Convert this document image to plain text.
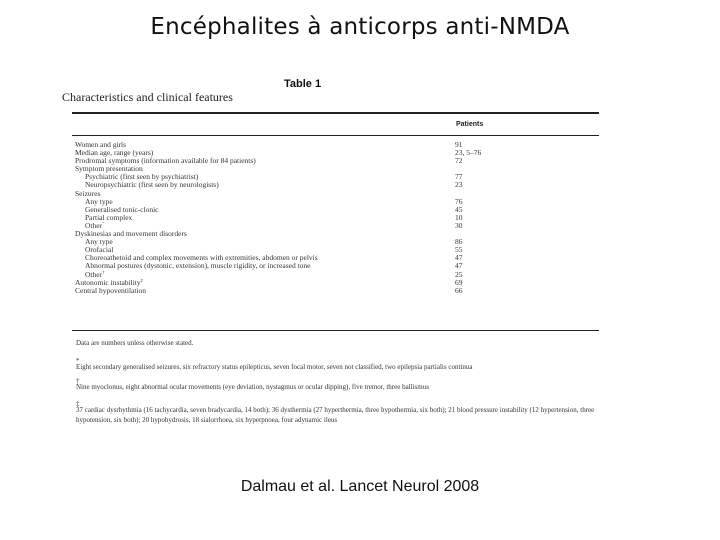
Encéphalites à anticorps anti-NMDA
Table 1
Characteristics and clinical features
Patients
Women and girls	91
Median age, range (years)	23, 5–76
Prodromal symptoms (information available for 84 patients)	72
Symptom presentation
Psychiatric (first seen by psychiatrist)	77
Neuropsychiatric (first seen by neurologists)	23
Seizures
Any type	76
Generalised tonic-clonic	45
Partial complex	10
Other*	30
Dyskinesias and movement disorders
Any type	86
Orofacial	55
Choreoathetoid and complex movements with extremities, abdomen or pelvis	47
Abnormal postures (dystonic, extension), muscle rigidity, or increased tone	47
Other†	25
Autonomic instability‡	69
Central hypoventilation	66
Data are numbers unless otherwise stated.
*
Eight secondary generalised seizures, six refractory status epilepticus, seven focal motor, seven not classified, two epilepsia partialis continua
†
Nine myoclonus, eight abnormal ocular movements (eye deviation, nystagmus or ocular dipping), five tremor, three ballismus
‡
37 cardiac dysrhythmia (16 tachycardia, seven bradycardia, 14 both); 36 dysthermia (27 hyperthermia, three hypothermia, six both); 21 blood pressure instability (12 hypertension, three hypotension, six both); 20 hypohydrosis, 18 sialorrhoea, six hyperpnoea, four adynamic ileus
Dalmau et al. Lancet Neurol 2008
